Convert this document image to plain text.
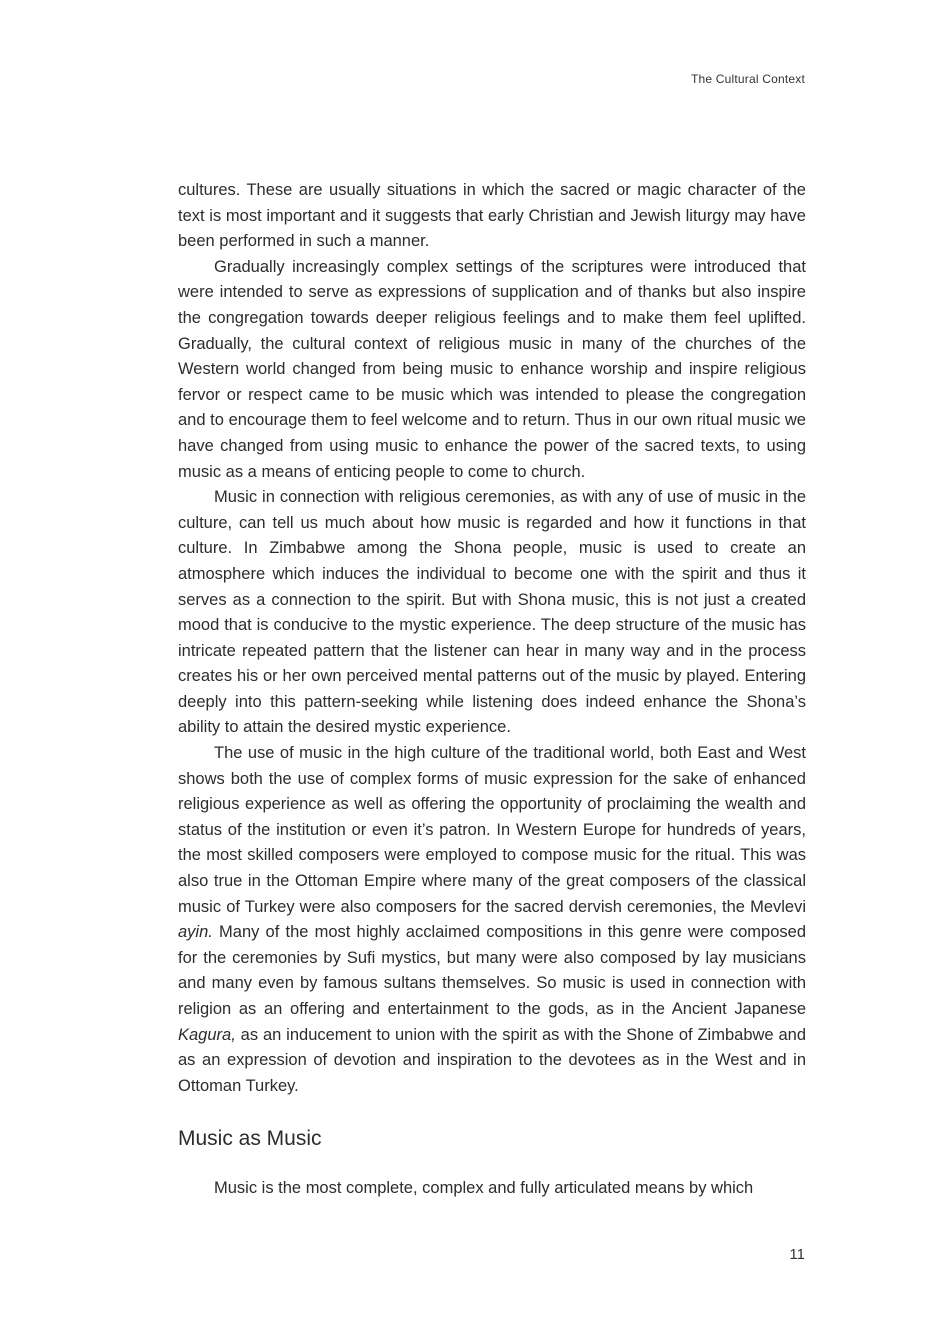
The Cultural Context

cultures. These are usually situations in which the sacred or magic character of the text is most important and it suggests that early Christian and Jewish liturgy may have been performed in such a manner.

Gradually increasingly complex settings of the scriptures were introduced that were intended to serve as expressions of supplication and of thanks but also inspire the congregation towards deeper religious feelings and to make them feel uplifted. Gradually, the cultural context of religious music in many of the churches of the Western world changed from being music to enhance worship and inspire religious fervor or respect came to be music which was intended to please the congregation and to encourage them to feel welcome and to return. Thus in our own ritual music we have changed from using music to enhance the power of the sacred texts, to using music as a means of enticing people to come to church.

Music in connection with religious ceremonies, as with any of use of music in the culture, can tell us much about how music is regarded and how it functions in that culture. In Zimbabwe among the Shona people, music is used to create an atmosphere which induces the individual to become one with the spirit and thus it serves as a connection to the spirit. But with Shona music, this is not just a created mood that is conducive to the mystic experience. The deep structure of the music has intricate repeated pattern that the listener can hear in many way and in the process creates his or her own perceived mental patterns out of the music by played. Entering deeply into this pattern-seeking while listening does indeed enhance the Shona’s ability to attain the desired mystic experience.

The use of music in the high culture of the traditional world, both East and West shows both the use of complex forms of music expression for the sake of enhanced religious experience as well as offering the opportunity of proclaiming the wealth and status of the institution or even it’s patron. In Western Europe for hundreds of years, the most skilled composers were employed to compose music for the ritual. This was also true in the Ottoman Empire where many of the great composers of the classical music of Turkey were also composers for the sacred dervish ceremonies, the Mevlevi ayin. Many of the most highly acclaimed compositions in this genre were composed for the ceremonies by Sufi mystics, but many were also composed by lay musicians and many even by famous sultans themselves. So music is used in connection with religion as an offering and entertainment to the gods, as in the Ancient Japanese Kagura, as an inducement to union with the spirit as with the Shone of Zimbabwe and as an expression of devotion and inspiration to the devotees as in the West and in Ottoman Turkey.

Music as Music

Music is the most complete, complex and fully articulated means by which

11
